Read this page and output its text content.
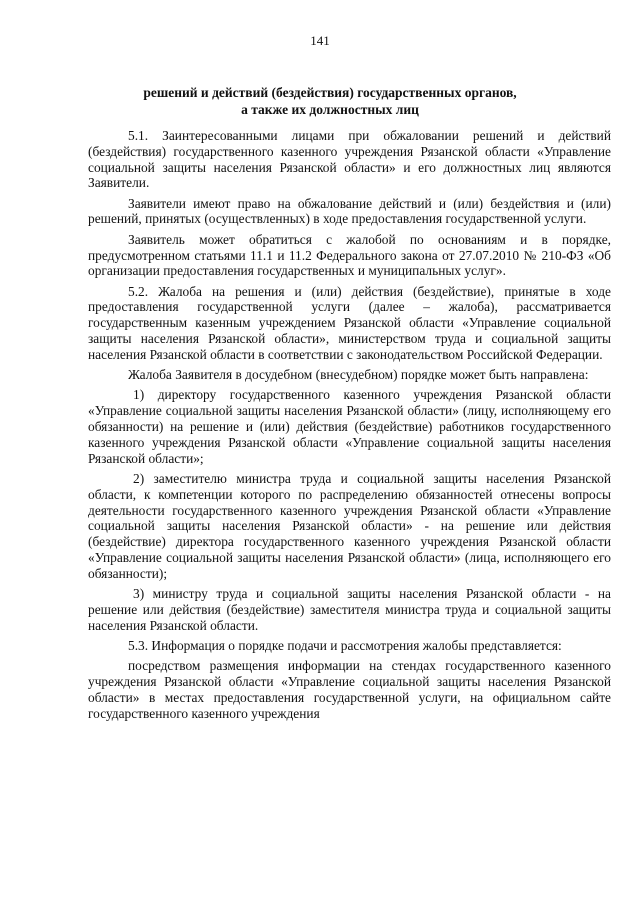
141
решений и действий (бездействия) государственных органов,
а также их должностных лиц

5.1. Заинтересованными лицами при обжаловании решений и действий (бездействия) государственного казенного учреждения Рязанской области «Управление социальной защиты населения Рязанской области» и его должностных лиц являются Заявители.

Заявители имеют право на обжалование действий и (или) бездействия и (или) решений, принятых (осуществленных) в ходе предоставления государственной услуги.

Заявитель может обратиться с жалобой по основаниям и в порядке, предусмотренном статьями 11.1 и 11.2 Федерального закона от 27.07.2010 № 210-ФЗ «Об организации предоставления государственных и муниципальных услуг».

5.2. Жалоба на решения и (или) действия (бездействие), принятые в ходе предоставления государственной услуги (далее – жалоба), рассматривается государственным казенным учреждением Рязанской области «Управление социальной защиты населения Рязанской области», министерством труда и социальной защиты населения Рязанской области в соответствии с законодательством Российской Федерации.

Жалоба Заявителя в досудебном (внесудебном) порядке может быть направлена:

1) директору государственного казенного учреждения Рязанской области «Управление социальной защиты населения Рязанской области» (лицу, исполняющему его обязанности) на решение и (или) действия (бездействие) работников государственного казенного учреждения Рязанской области «Управление социальной защиты населения Рязанской области»;

2) заместителю министра труда и социальной защиты населения Рязанской области, к компетенции которого по распределению обязанностей отнесены вопросы деятельности государственного казенного учреждения Рязанской области «Управление социальной защиты населения Рязанской области» - на решение или действия (бездействие) директора государственного казенного учреждения Рязанской области «Управление социальной защиты населения Рязанской области» (лица, исполняющего его обязанности);

3) министру труда и социальной защиты населения Рязанской области - на решение или действия (бездействие) заместителя министра труда и социальной защиты населения Рязанской области.

5.3. Информация о порядке подачи и рассмотрения жалобы представляется:

посредством размещения информации на стендах государственного казенного учреждения Рязанской области «Управление социальной защиты населения Рязанской области» в местах предоставления государственной услуги, на официальном сайте государственного казенного учреждения
